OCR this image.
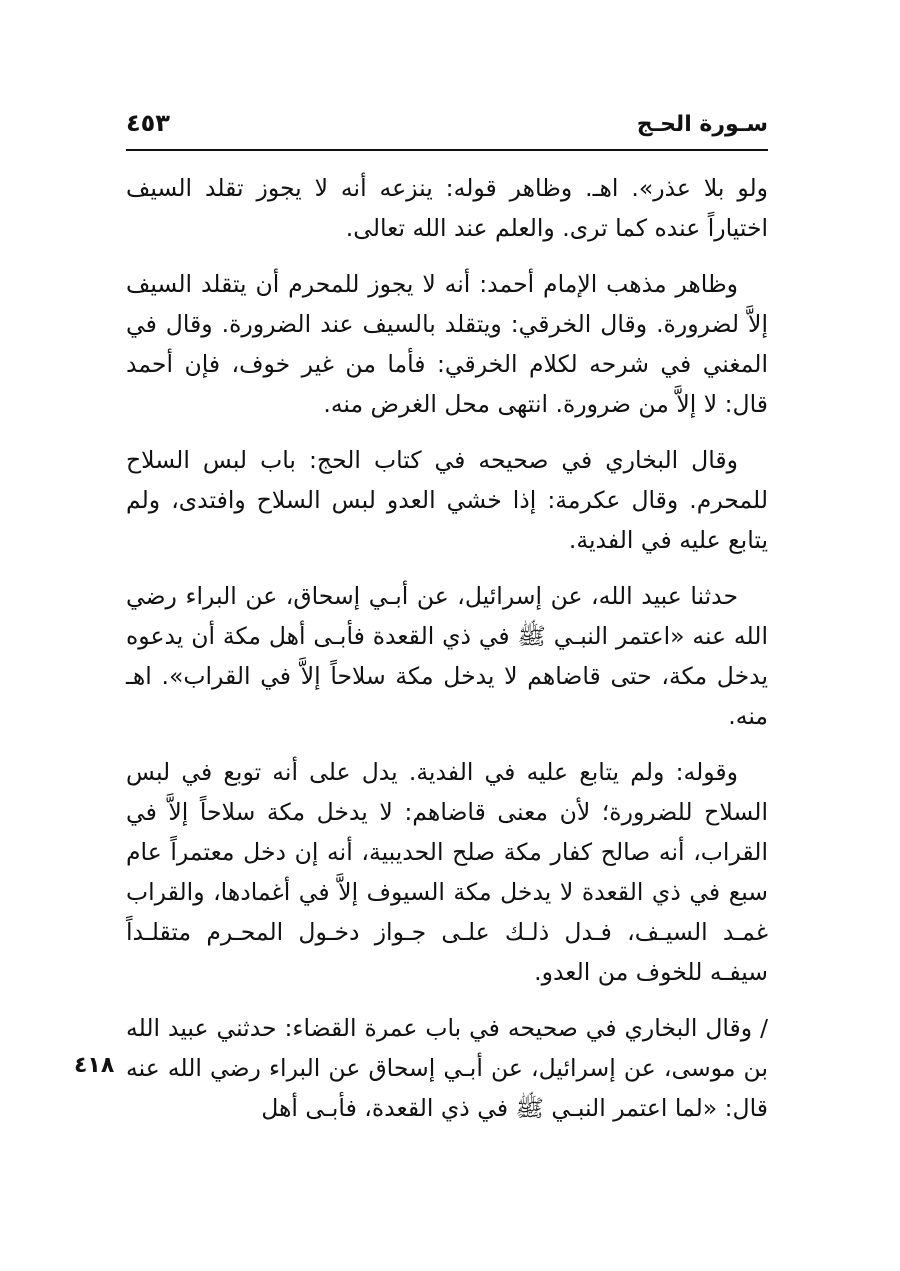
سـورة الحـج
٤٥٣

ولو بلا عذر». اهـ. وظاهر قوله: ينزعه أنه لا يجوز تقلد السيف اختياراً عنده كما ترى. والعلم عند الله تعالى.

وظاهر مذهب الإمام أحمد: أنه لا يجوز للمحرم أن يتقلد السيف إلاَّ لضرورة. وقال الخرقي: ويتقلد بالسيف عند الضرورة. وقال في المغني في شرحه لكلام الخرقي: فأما من غير خوف، فإن أحمد قال: لا إلاَّ من ضرورة. انتهى محل الغرض منه.

وقال البخاري في صحيحه في كتاب الحج: باب لبس السلاح للمحرم. وقال عكرمة: إذا خشي العدو لبس السلاح وافتدى، ولم يتابع عليه في الفدية.

حدثنا عبيد الله، عن إسرائيل، عن أبـي إسحاق، عن البراء رضي الله عنه «اعتمر النبـي ﷺ في ذي القعدة فأبـى أهل مكة أن يدعوه يدخل مكة، حتى قاضاهم لا يدخل مكة سلاحاً إلاَّ في القراب». اهـ منه.

وقوله: ولم يتابع عليه في الفدية. يدل على أنه توبع في لبس السلاح للضرورة؛ لأن معنى قاضاهم: لا يدخل مكة سلاحاً إلاَّ في القراب، أنه صالح كفار مكة صلح الحديبية، أنه إن دخل معتمراً عام سبع في ذي القعدة لا يدخل مكة السيوف إلاَّ في أغمادها، والقراب غمـد السيـف، فـدل ذلـك علـى جـواز دخـول المحـرم متقلـداً سيفـه للخوف من العدو.

/ وقال البخاري في صحيحه في باب عمرة القضاء: حدثني عبيد الله بن موسى، عن إسرائيل، عن أبـي إسحاق عن البراء رضي الله عنه قال: «لما اعتمر النبـي ﷺ في ذي القعدة، فأبـى أهل

٤١٨
